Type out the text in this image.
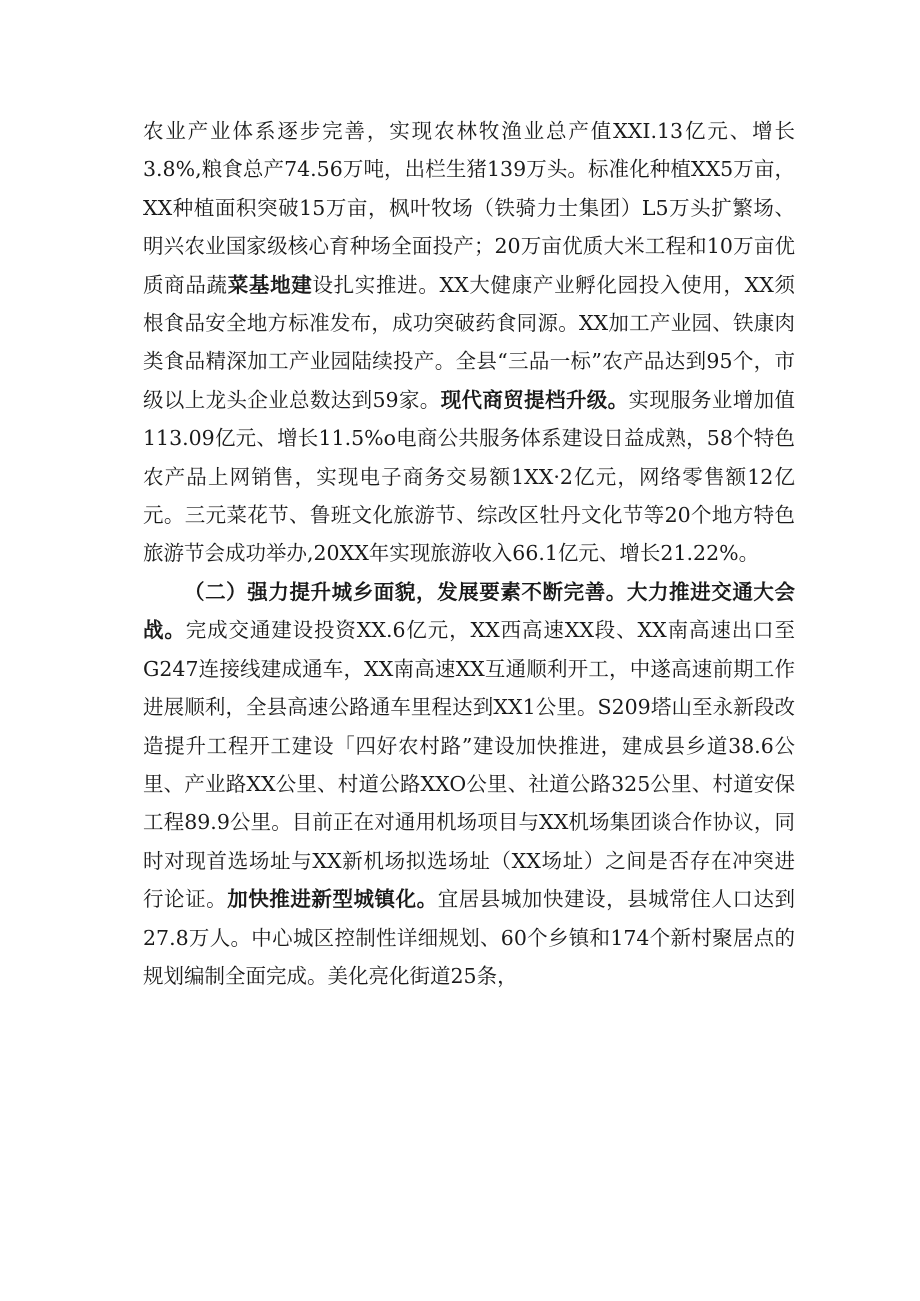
农业产业体系逐步完善，实现农林牧渔业总产值XXI.13亿元、增长3.8%,粮食总产74.56万吨，出栏生猪139万头。标准化种植XX5万亩，XX种植面积突破15万亩，枫叶牧场（铁骑力士集团）L5万头扩繁场、明兴农业国家级核心育种场全面投产；20万亩优质大米工程和10万亩优质商品蔬菜基地建设扎实推进。XX大健康产业孵化园投入使用，XX须根食品安全地方标准发布，成功突破药食同源。XX加工产业园、铁康肉类食品精深加工产业园陆续投产。全县“三品一标”农产品达到95个，市级以上龙头企业总数达到59家。现代商贸提档升级。实现服务业增加值113.09亿元、增长11.5%o电商公共服务体系建设日益成熟，58个特色农产品上网销售，实现电子商务交易额1XX·2亿元，网络零售额12亿元。三元菜花节、鲁班文化旅游节、综改区牡丹文化节等20个地方特色旅游节会成功举办,20XX年实现旅游收入66.1亿元、增长21.22%。

（二）强力提升城乡面貌，发展要素不断完善。大力推进交通大会战。完成交通建设投资XX.6亿元，XX西高速XX段、XX南高速出口至G247连接线建成通车，XX南高速XX互通顺利开工，中遂高速前期工作进展顺利，全县高速公路通车里程达到XX1公里。S209塔山至永新段改造提升工程开工建设「四好农村路”建设加快推进，建成县乡道38.6公里、产业路XX公里、村道公路XXO公里、社道公路325公里、村道安保工程89.9公里。目前正在对通用机场项目与XX机场集团谈合作协议，同时对现首选场址与XX新机场拟选场址（XX场址）之间是否存在冲突进行论证。加快推进新型城镇化。宜居县城加快建设，县城常住人口达到27.8万人。中心城区控制性详细规划、60个乡镇和174个新村聚居点的规划编制全面完成。美化亮化街道25条，
